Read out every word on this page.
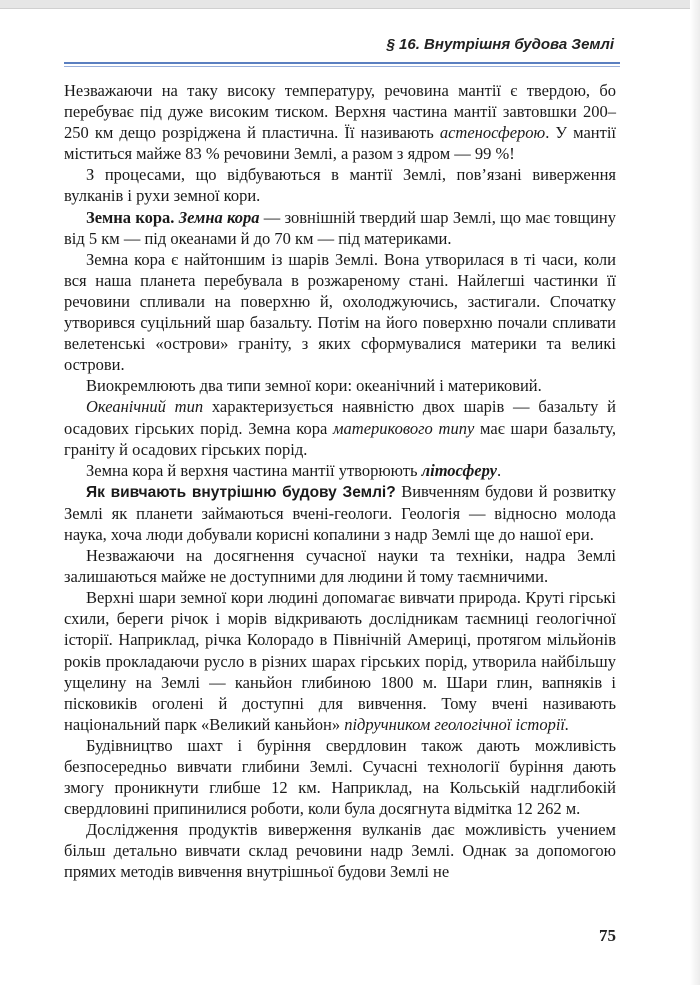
§ 16. Внутрішня будова Землі

Незважаючи на таку високу температуру, речовина мантії є твердою, бо перебуває під дуже високим тиском. Верхня частина мантії завтовшки 200–250 км дещо розріджена й пластична. Її називають астеносферою. У мантії міститься майже 83 % речовини Землі, а разом з ядром — 99 %!

З процесами, що відбуваються в мантії Землі, пов’язані виверження вулканів і рухи земної кори.

Земна кора. Земна кора — зовнішній твердий шар Землі, що має товщину від 5 км — під океанами й до 70 км — під материками.

Земна кора є найтоншим із шарів Землі. Вона утворилася в ті часи, коли вся наша планета перебувала в розжареному стані. Найлегші частинки її речовини спливали на поверхню й, охолоджуючись, застигали. Спочатку утворився суцільний шар базальту. Потім на його поверхню почали спливати велетенські «острови» граніту, з яких сформувалися материки та великі острови.

Виокремлюють два типи земної кори: океанічний і материковий.

Океанічний тип характеризується наявністю двох шарів — базальту й осадових гірських порід. Земна кора материкового типу має шари базальту, граніту й осадових гірських порід.

Земна кора й верхня частина мантії утворюють літосферу.

Як вивчають внутрішню будову Землі? Вивченням будови й розвитку Землі як планети займаються вчені-геологи. Геологія — відносно молода наука, хоча люди добували корисні копалини з надр Землі ще до нашої ери.

Незважаючи на досягнення сучасної науки та техніки, надра Землі залишаються майже не доступними для людини й тому таємничими.

Верхні шари земної кори людині допомагає вивчати природа. Круті гірські схили, береги річок і морів відкривають дослідникам таємниці геологічної історії. Наприклад, річка Колорадо в Північній Америці, протягом мільйонів років прокладаючи русло в різних шарах гірських порід, утворила найбільшу ущелину на Землі — каньйон глибиною 1800 м. Шари глин, вапняків і пісковиків оголені й доступні для вивчення. Тому вчені називають національний парк «Великий каньйон» підручником геологічної історії.

Будівництво шахт і буріння свердловин також дають можливість безпосередньо вивчати глибини Землі. Сучасні технології буріння дають змогу проникнути глибше 12 км. Наприклад, на Кольській надглибокій свердловині припинилися роботи, коли була досягнута відмітка 12 262 м.

Дослідження продуктів виверження вулканів дає можливість учением більш детально вивчати склад речовини надр Землі. Однак за допомогою прямих методів вивчення внутрішньої будови Землі не

75
